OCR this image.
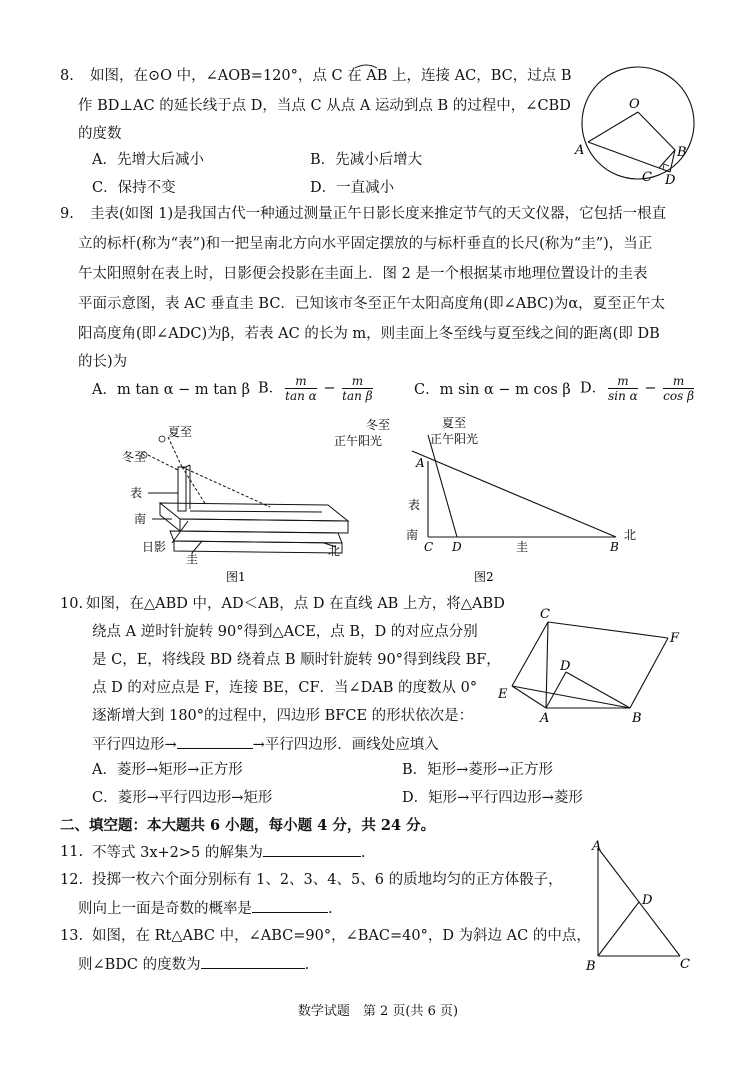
8. 如图，在⊙O 中，∠AOB=120°，点 C 在 AB 上，连接 AC，BC，过点 B
作 BD⊥AC 的延长线于点 D，当点 C 从点 A 运动到点 B 的过程中，∠CBD
的度数
A．先增大后减小	B．先减小后增大
C．保持不变	D．一直减小
O
A	B
C D
9. 圭表(如图 1)是我国古代一种通过测量正午日影长度来推定节气的天文仪器，它包括一根直
立的标杆(称为“表”)和一把呈南北方向水平固定摆放的与标杆垂直的长尺(称为“圭”)，当正
午太阳照射在表上时，日影便会投影在圭面上．图 2 是一个根据某市地理位置设计的圭表
平面示意图，表 AC 垂直圭 BC．已知该市冬至正午太阳高度角(即∠ABC)为α，夏至正午太
阳高度角(即∠ADC)为β，若表 AC 的长为 m，则圭面上冬至线与夏至线之间的距离(即 DB
的长)为
A．m tan α − m tan β B． $\frac{m}{\text{tan α}} - \frac{m}{\text{tan β}}$	C．m sin α − m cos β D． $\frac{m}{\text{sin α}} - \frac{m}{\text{cos β}}$
夏至
冬至
表
南
日影
圭
北
图1
冬至
正午阳光
夏至
正午阳光
A
表
南
C D	圭	B
北
图2
10. 如图，在△ABD 中，AD＜AB，点 D 在直线 AB 上方，将△ABD
绕点 A 逆时针旋转 90°得到△ACE，点 B，D 的对应点分别
是 C，E，将线段 BD 绕着点 B 顺时针旋转 90°得到线段 BF，
点 D 的对应点是 F，连接 BE，CF．当∠DAB 的度数从 0°
逐渐增大到 180°的过程中，四边形 BFCE 的形状依次是：
平行四边形→	→平行四边形．画线处应填入
A．菱形→矩形→正方形	B．矩形→菱形→正方形
C．菱形→平行四边形→矩形	D．矩形→平行四边形→菱形
C
F
D
E
A	B
二、填空题：本大题共 6 小题，每小题 4 分，共 24 分。
11. 不等式 3x+2>5 的解集为	.
12. 投掷一枚六个面分别标有 1、2、3、4、5、6 的质地均匀的正方体骰子，
则向上一面是奇数的概率是	.
13. 如图，在 Rt△ABC 中，∠ABC=90°，∠BAC=40°，D 为斜边 AC 的中点，
则∠BDC 的度数为	.
A
D
B	C
数学试题　第 2 页(共 6 页)
